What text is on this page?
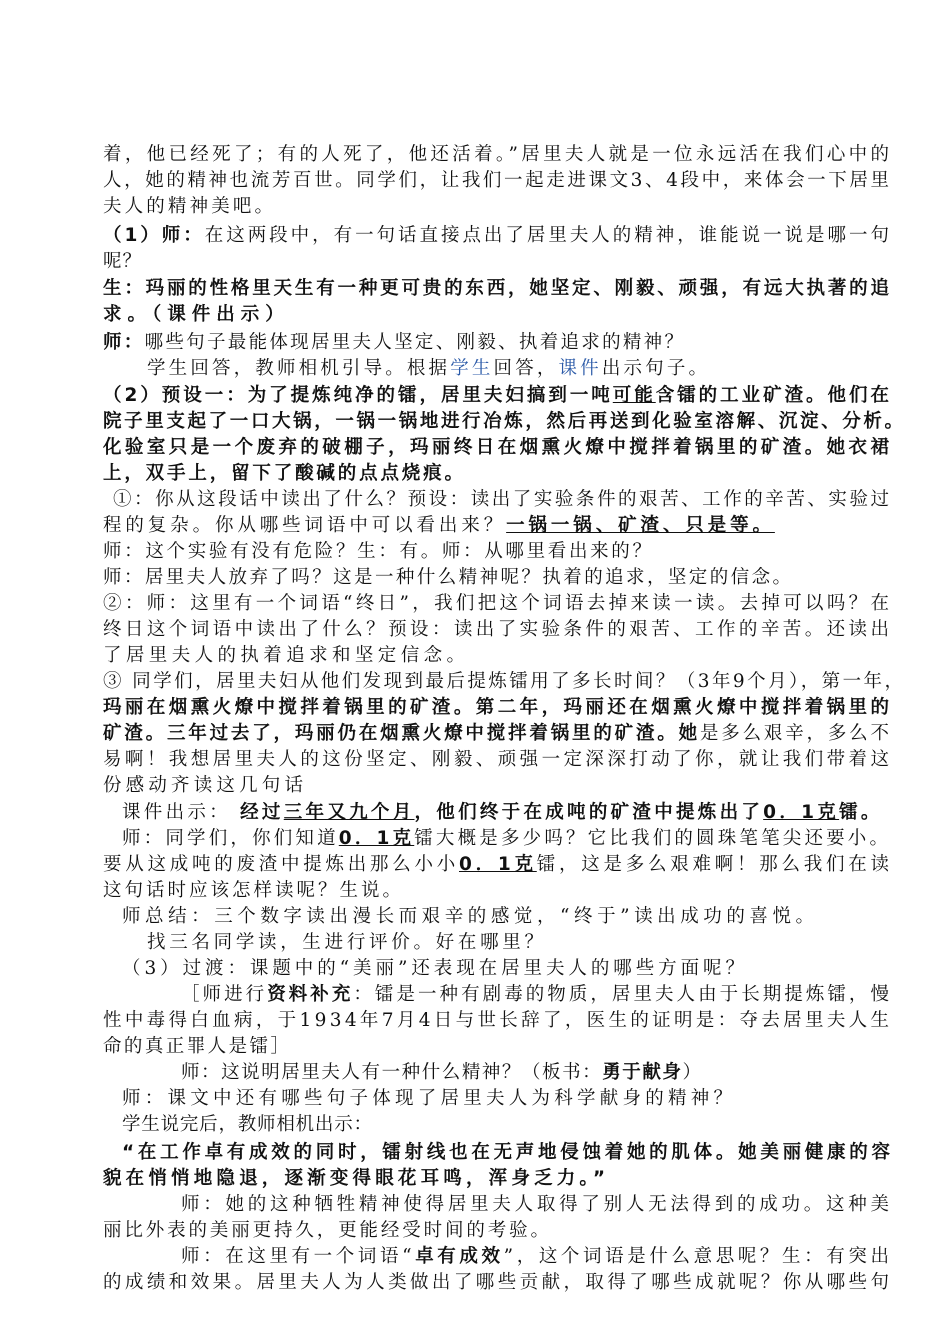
着，他已经死了；有的人死了，他还活着。”居里夫人就是一位永远活在我们心中的
人，她的精神也流芳百世。同学们，让我们一起走进课文3、4段中，来体会一下居里
夫人的精神美吧。
（1）师：在这两段中，有一句话直接点出了居里夫人的精神，谁能说一说是哪一句
呢？
生：玛丽的性格里天生有一种更可贵的东西，她坚定、刚毅、顽强，有远大执著的追
求。（课件出示）
师：哪些句子最能体现居里夫人坚定、刚毅、执着追求的精神？
学生回答，教师相机引导。根据学生回答，课件出示句子。
（2）预设一：为了提炼纯净的镭，居里夫妇搞到一吨可能含镭的工业矿渣。他们在
院子里支起了一口大锅，一锅一锅地进行冶炼，然后再送到化验室溶解、沉淀、分析。
化验室只是一个废弃的破棚子，玛丽终日在烟熏火燎中搅拌着锅里的矿渣。她衣裙
上，双手上，留下了酸碱的点点烧痕。
①：你从这段话中读出了什么？预设：读出了实验条件的艰苦、工作的辛苦、实验过
程的复杂。你从哪些词语中可以看出来？一锅一锅、矿渣、只是等。
师：这个实验有没有危险？生：有。师：从哪里看出来的？
师：居里夫人放弃了吗？这是一种什么精神呢？执着的追求，坚定的信念。
②：师：这里有一个词语“终日”，我们把这个词语去掉来读一读。去掉可以吗？在
终日这个词语中读出了什么？预设：读出了实验条件的艰苦、工作的辛苦。还读出
了居里夫人的执着追求和坚定信念。
③ 同学们，居里夫妇从他们发现到最后提炼镭用了多长时间？（3年9个月），第一年，
玛丽在烟熏火燎中搅拌着锅里的矿渣。第二年，玛丽还在烟熏火燎中搅拌着锅里的
矿渣。三年过去了，玛丽仍在烟熏火燎中搅拌着锅里的矿渣。她是多么艰辛，多么不
易啊！我想居里夫人的这份坚定、刚毅、顽强一定深深打动了你，就让我们带着这
份感动齐读这几句话
课件出示： 经过三年又九个月，他们终于在成吨的矿渣中提炼出了0．1克镭。
师：同学们，你们知道0．1克镭大概是多少吗？它比我们的圆珠笔笔尖还要小。
要从这成吨的废渣中提炼出那么小小0．1克镭，这是多么艰难啊！那么我们在读
这句话时应该怎样读呢？生说。
师总结：三个数字读出漫长而艰辛的感觉，“终于”读出成功的喜悦。
找三名同学读，生进行评价。好在哪里？
（3）过渡：课题中的“美丽”还表现在居里夫人的哪些方面呢？
［师进行资料补充：镭是一种有剧毒的物质，居里夫人由于长期提炼镭，慢
性中毒得白血病，于1934年7月4日与世长辞了，医生的证明是：夺去居里夫人生
命的真正罪人是镭］
师：这说明居里夫人有一种什么精神？（板书：勇于献身）
师：课文中还有哪些句子体现了居里夫人为科学献身的精神？
学生说完后，教师相机出示：
“在工作卓有成效的同时，镭射线也在无声地侵蚀着她的肌体。她美丽健康的容
貌在悄悄地隐退，逐渐变得眼花耳鸣，浑身乏力。”
师：她的这种牺牲精神使得居里夫人取得了别人无法得到的成功。这种美
丽比外表的美丽更持久，更能经受时间的考验。
师：在这里有一个词语“卓有成效”，这个词语是什么意思呢？生：有突出
的成绩和效果。居里夫人为人类做出了哪些贡献，取得了哪些成就呢？你从哪些句
